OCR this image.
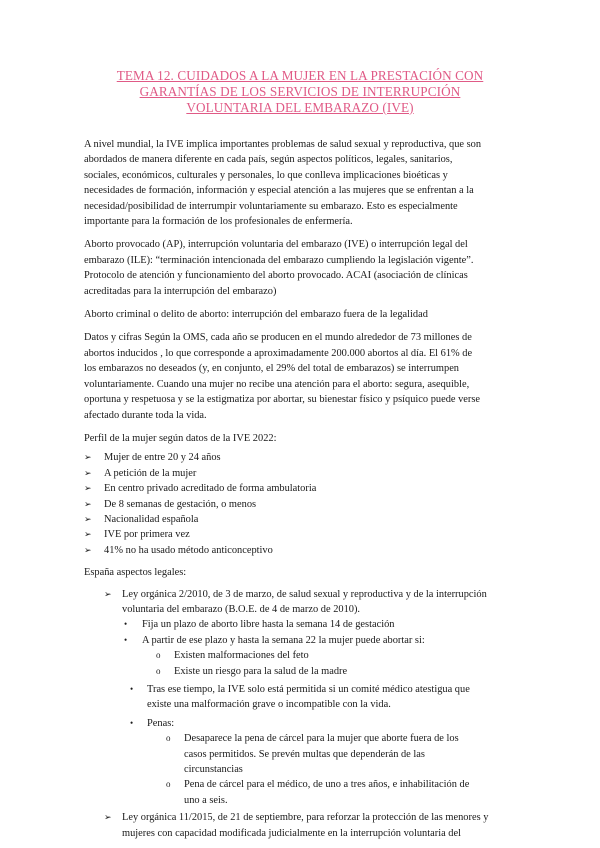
TEMA 12. CUIDADOS A LA MUJER EN LA PRESTACIÓN CON
GARANTÍAS DE LOS SERVICIOS DE INTERRUPCIÓN
VOLUNTARIA DEL EMBARAZO (IVE)

A nivel mundial, la IVE implica importantes problemas de salud sexual y reproductiva, que son
abordados de manera diferente en cada país, según aspectos políticos, legales, sanitarios,
sociales, económicos, culturales y personales, lo que conlleva implicaciones bioéticas y
necesidades de formación, información y especial atención a las mujeres que se enfrentan a la
necesidad/posibilidad de interrumpir voluntariamente su embarazo. Esto es especialmente
importante para la formación de los profesionales de enfermería.

Aborto provocado (AP), interrupción voluntaria del embarazo (IVE) o interrupción legal del
embarazo (ILE): “terminación intencionada del embarazo cumpliendo la legislación vigente”.
Protocolo de atención y funcionamiento del aborto provocado. ACAI (asociación de clínicas
acreditadas para la interrupción del embarazo)

Aborto criminal o delito de aborto: interrupción del embarazo fuera de la legalidad

Datos y cifras Según la OMS, cada año se producen en el mundo alrededor de 73 millones de
abortos inducidos , lo que corresponde a aproximadamente 200.000 abortos al día. El 61% de
los embarazos no deseados (y, en conjunto, el 29% del total de embarazos) se interrumpen
voluntariamente. Cuando una mujer no recibe una atención para el aborto: segura, asequible,
oportuna y respetuosa y se la estigmatiza por abortar, su bienestar físico y psíquico puede verse
afectado durante toda la vida.

Perfil de la mujer según datos de la IVE 2022:

➢ Mujer de entre 20 y 24 años
➢ A petición de la mujer
➢ En centro privado acreditado de forma ambulatoria
➢ De 8 semanas de gestación, o menos
➢ Nacionalidad española
➢ IVE por primera vez
➢ 41% no ha usado método anticonceptivo

España aspectos legales:

➢ Ley orgánica 2/2010, de 3 de marzo, de salud sexual y reproductiva y de la interrupción
voluntaria del embarazo (B.O.E. de 4 de marzo de 2010).
• Fija un plazo de aborto libre hasta la semana 14 de gestación
• A partir de ese plazo y hasta la semana 22 la mujer puede abortar si:
o Existen malformaciones del feto
o Existe un riesgo para la salud de la madre
• Tras ese tiempo, la IVE solo está permitida si un comité médico atestigua que
existe una malformación grave o incompatible con la vida.
• Penas:
o Desaparece la pena de cárcel para la mujer que aborte fuera de los
casos permitidos. Se prevén multas que dependerán de las
circunstancias
o Pena de cárcel para el médico, de uno a tres años, e inhabilitación de
uno a seis.
➢ Ley orgánica 11/2015, de 21 de septiembre, para reforzar la protección de las menores y
mujeres con capacidad modificada judicialmente en la interrupción voluntaria del
